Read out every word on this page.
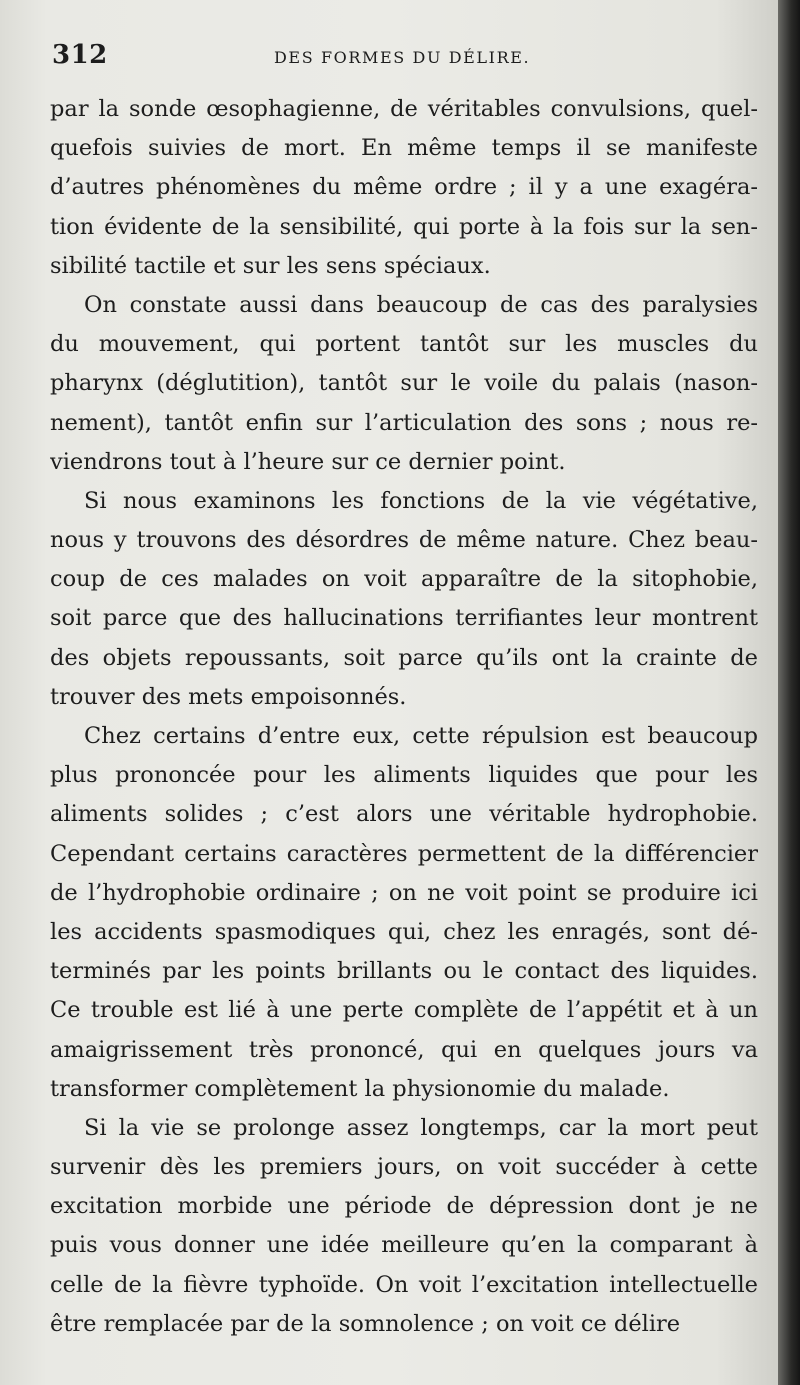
312	DES FORMES DU DÉLIRE.
par la sonde œsophagienne, de véritables convulsions, quel-
quefois suivies de mort. En même temps il se manifeste
d’autres phénomènes du même ordre ; il y a une exagéra-
tion évidente de la sensibilité, qui porte à la fois sur la sen-
sibilité tactile et sur les sens spéciaux.
On constate aussi dans beaucoup de cas des paralysies
du mouvement, qui portent tantôt sur les muscles du
pharynx (déglutition), tantôt sur le voile du palais (nason-
nement), tantôt enfin sur l’articulation des sons ; nous re-
viendrons tout à l’heure sur ce dernier point.
Si nous examinons les fonctions de la vie végétative,
nous y trouvons des désordres de même nature. Chez beau-
coup de ces malades on voit apparaître de la sitophobie,
soit parce que des hallucinations terrifiantes leur montrent
des objets repoussants, soit parce qu’ils ont la crainte de
trouver des mets empoisonnés.
Chez certains d’entre eux, cette répulsion est beaucoup
plus prononcée pour les aliments liquides que pour les
aliments solides ; c’est alors une véritable hydrophobie.
Cependant certains caractères permettent de la différencier
de l’hydrophobie ordinaire ; on ne voit point se produire ici
les accidents spasmodiques qui, chez les enragés, sont dé-
terminés par les points brillants ou le contact des liquides.
Ce trouble est lié à une perte complète de l’appétit et à un
amaigrissement très prononcé, qui en quelques jours va
transformer complètement la physionomie du malade.
Si la vie se prolonge assez longtemps, car la mort peut
survenir dès les premiers jours, on voit succéder à cette
excitation morbide une période de dépression dont je ne
puis vous donner une idée meilleure qu’en la comparant à
celle de la fièvre typhoïde. On voit l’excitation intellectuelle
être remplacée par de la somnolence ; on voit ce délire
